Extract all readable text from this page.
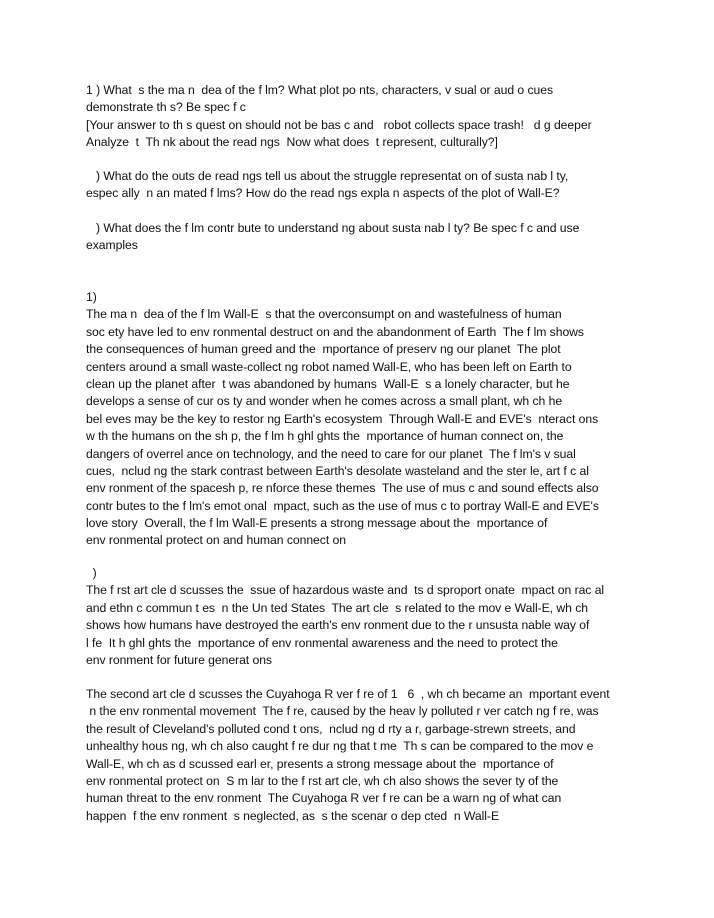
1 ) What  s the ma n  dea of the f lm? What plot po nts, characters, v sual or aud o cues
demonstrate th s? Be spec f c
[Your answer to th s quest on should not be bas c and   robot collects space trash!   d g deeper
Analyze  t  Th nk about the read ngs  Now what does  t represent, culturally?]
) What do the outs de read ngs tell us about the struggle representat on of susta nab l ty,
espec ally  n an mated f lms? How do the read ngs expla n aspects of the plot of Wall-E?
) What does the f lm contr bute to understand ng about susta nab l ty? Be spec f c and use
examples
1)
The ma n  dea of the f lm Wall-E  s that the overconsumpt on and wastefulness of human
soc ety have led to env ronmental destruct on and the abandonment of Earth  The f lm shows
the consequences of human greed and the  mportance of preserv ng our planet  The plot
centers around a small waste-collect ng robot named Wall-E, who has been left on Earth to
clean up the planet after  t was abandoned by humans  Wall-E  s a lonely character, but he
develops a sense of cur os ty and wonder when he comes across a small plant, wh ch he
bel eves may be the key to restor ng Earth's ecosystem  Through Wall-E and EVE's  nteract ons
w th the humans on the sh p, the f lm h ghl ghts the  mportance of human connect on, the
dangers of overrel ance on technology, and the need to care for our planet  The f lm's v sual
cues,  nclud ng the stark contrast between Earth's desolate wasteland and the ster le, art f c al
env ronment of the spacesh p, re nforce these themes  The use of mus c and sound effects also
contr butes to the f lm's emot onal  mpact, such as the use of mus c to portray Wall-E and EVE's
love story  Overall, the f lm Wall-E presents a strong message about the  mportance of
env ronmental protect on and human connect on
)
The f rst art cle d scusses the  ssue of hazardous waste and  ts d sproport onate  mpact on rac al
and ethn c commun t es  n the Un ted States  The art cle  s related to the mov e Wall-E, wh ch
shows how humans have destroyed the earth's env ronment due to the r unsusta nable way of
l fe  It h ghl ghts the  mportance of env ronmental awareness and the need to protect the
env ronment for future generat ons
The second art cle d scusses the Cuyahoga R ver f re of 1   6  , wh ch became an  mportant event
n the env ronmental movement  The f re, caused by the heav ly polluted r ver catch ng f re, was
the result of Cleveland's polluted cond t ons,  nclud ng d rty a r, garbage-strewn streets, and
unhealthy hous ng, wh ch also caught f re dur ng that t me  Th s can be compared to the mov e
Wall-E, wh ch as d scussed earl er, presents a strong message about the  mportance of
env ronmental protect on  S m lar to the f rst art cle, wh ch also shows the sever ty of the
human threat to the env ronment  The Cuyahoga R ver f re can be a warn ng of what can
happen  f the env ronment  s neglected, as  s the scenar o dep cted  n Wall-E
